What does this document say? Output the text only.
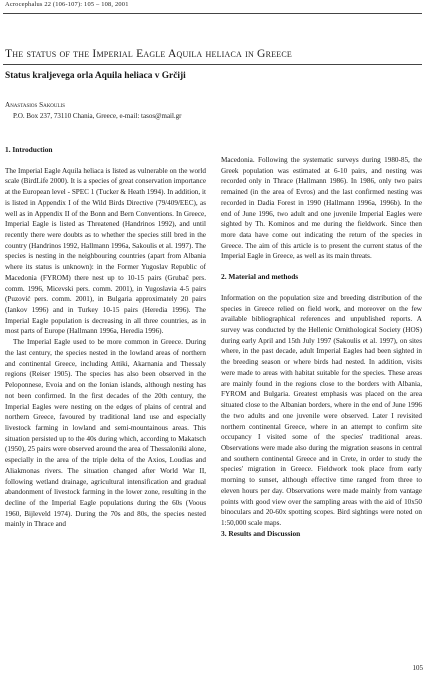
Acrocephalus 22 (106-107): 105 – 108, 2001
The status of the Imperial Eagle Aquila heliaca in Greece
Status kraljevega orla Aquila heliaca v Grčiji
Anastasios Sakoulis
P.O. Box 237, 73110 Chania, Greece, e-mail: tasos@mail.gr
1. Introduction

The Imperial Eagle Aquila heliaca is listed as vulnerable on the world scale (BirdLife 2000). It is a species of great conservation importance at the European level - SPEC 1 (Tucker & Heath 1994). In addition, it is listed in Appendix I of the Wild Birds Directive (79/409/EEC), as well as in Appendix II of the Bonn and Bern Conventions. In Greece, Imperial Eagle is listed as Threatened (Handrinos 1992), and until recently there were doubts as to whether the species still bred in the country (Handrinos 1992, Hallmann 1996a, Sakoulis et al. 1997). The species is nesting in the neighbouring countries (apart from Albania where its status is unknown): in the Former Yugoslav Republic of Macedonia (FYROM) there nest up to 10-15 pairs (Grubač pers. comm. 1996, Micevski pers. comm. 2001), in Yugoslavia 4-5 pairs (Puzović pers. comm. 2001), in Bulgaria approximately 20 pairs (Iankov 1996) and in Turkey 10-15 pairs (Heredia 1996). The Imperial Eagle population is decreasing in all three countries, as in most parts of Europe (Hallmann 1996a, Heredia 1996).

The Imperial Eagle used to be more common in Greece. During the last century, the species nested in the lowland areas of northern and continental Greece, including Attiki, Akarnania and Thessaly regions (Reiser 1905). The species has also been observed in the Peloponnese, Evoia and on the Ionian islands, although nesting has not been confirmed. In the first decades of the 20th century, the Imperial Eagles were nesting on the edges of plains of central and northern Greece, favoured by traditional land use and especially livestock farming in lowland and semi-mountainous areas. This situation persisted up to the 40s during which, according to Makatsch (1950), 25 pairs were observed around the area of Thessaloniki alone, especially in the area of the triple delta of the Axios, Loudias and Aliakmonas rivers. The situation changed after World War II, following wetland drainage, agricultural intensification and gradual abandonment of livestock farming in the lower zone, resulting in the decline of the Imperial Eagle populations during the 60s (Voous 1960, Bijleveld 1974). During the 70s and 80s, the species nested mainly in Thrace and

Macedonia. Following the systematic surveys during 1980-85, the Greek population was estimated at 6-10 pairs, and nesting was recorded only in Thrace (Hallmann 1986). In 1986, only two pairs remained (in the area of Evros) and the last confirmed nesting was recorded in Dadia Forest in 1990 (Hallmann 1996a, 1996b). In the end of June 1996, two adult and one juvenile Imperial Eagles were sighted by Th. Kominos and me during the fieldwork. Since then more data have come out indicating the return of the species in Greece. The aim of this article is to present the current status of the Imperial Eagle in Greece, as well as its main threats.

2. Material and methods

Information on the population size and breeding distribution of the species in Greece relied on field work, and moreover on the few available bibliographical references and unpublished reports. A survey was conducted by the Hellenic Ornithological Society (HOS) during early April and 15th July 1997 (Sakoulis et al. 1997), on sites where, in the past decade, adult Imperial Eagles had been sighted in the breeding season or where birds had nested. In addition, visits were made to areas with habitat suitable for the species. These areas are mainly found in the regions close to the borders with Albania, FYROM and Bulgaria. Greatest emphasis was placed on the area situated close to the Albanian borders, where in the end of June 1996 the two adults and one juvenile were observed. Later I revisited northern continental Greece, where in an attempt to confirm site occupancy I visited some of the species' traditional areas. Observations were made also during the migration seasons in central and southern continental Greece and in Crete, in order to study the species' migration in Greece. Fieldwork took place from early morning to sunset, although effective time ranged from three to eleven hours per day. Observations were made mainly from vantage points with good view over the sampling areas with the aid of 10x50 binoculars and 20-60x spotting scopes. Bird sightings were noted on 1:50,000 scale maps.

3. Results and Discussion
105
